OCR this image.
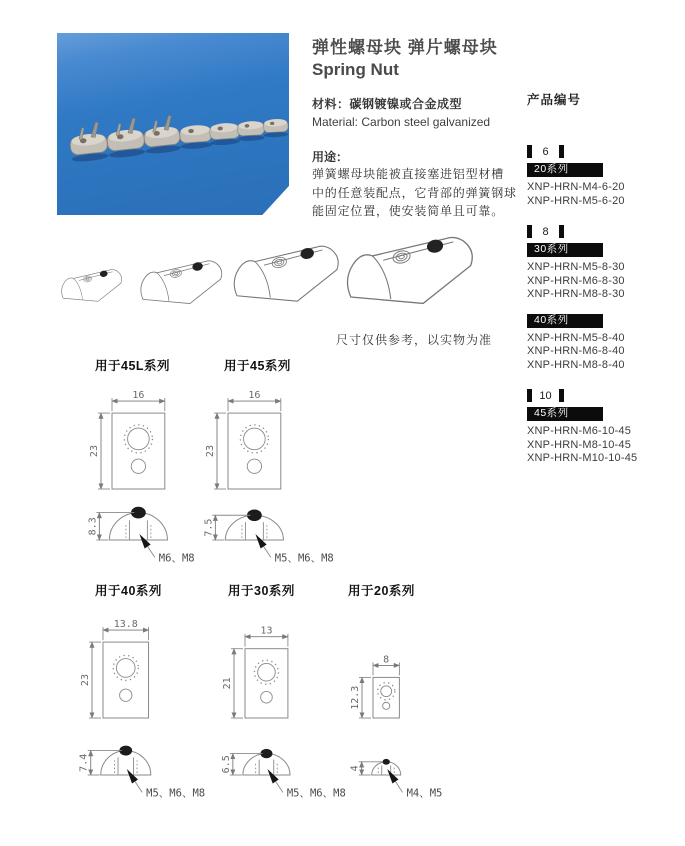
弹性螺母块 弹片螺母块
Spring Nut
材料：碳钢镀镍或合金成型
Material: Carbon steel galvanized
用途：
弹簧螺母块能被直接塞进铝型材槽
中的任意装配点，它背部的弹簧钢球
能固定位置，使安装简单且可靠。
产品编号
6
20系列
XNP-HRN-M4-6-20
XNP-HRN-M5-6-20
8
30系列
XNP-HRN-M5-8-30
XNP-HRN-M6-8-30
XNP-HRN-M8-8-30
40系列
XNP-HRN-M5-8-40
XNP-HRN-M6-8-40
XNP-HRN-M8-8-40
10
45系列
XNP-HRN-M6-10-45
XNP-HRN-M8-10-45
XNP-HRN-M10-10-45
尺寸仅供参考，以实物为准
用于45L系列	用于45系列
用于40系列	用于30系列	用于20系列
16
23
8.3
M6、M8
16
23
7.5
M5、M6、M8
13.8
23
7.4
M5、M6、M8
13
21
6.5
M5、M6、M8
8
12.3
4
M4、M5
